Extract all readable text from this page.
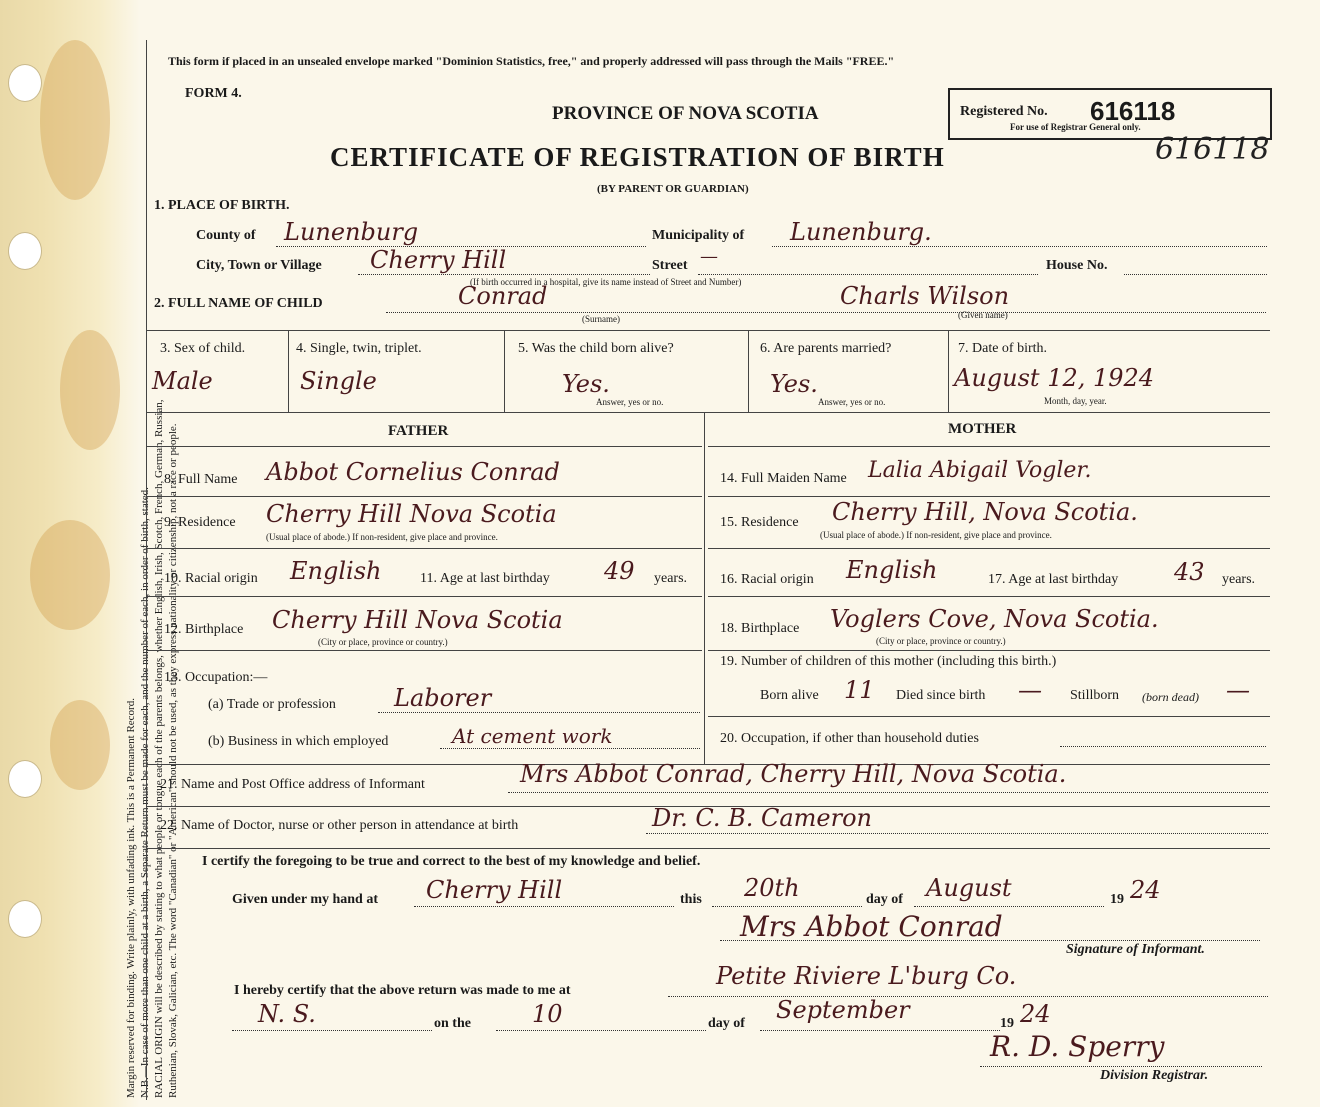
Margin reserved for binding. Write plainly, with unfading ink. This is a Permanent Record. N.B.—In case of more than one child at a birth, a Separate Return must be made for each, and the number of each, in order of birth, stated. RACIAL ORIGIN will be described by stating to what people or tongue each of the parents belongs, whether English, Irish, Scotch, French, German, Russian, Ruthenian, Slovak, Galician, etc. The word "Canadian" or "American" should not be used, as they express nationality or citizenship, not a race or people.
This form if placed in an unsealed envelope marked "Dominion Statistics, free," and properly addressed will pass through the Mails "FREE."
FORM 4.
PROVINCE OF NOVA SCOTIA
CERTIFICATE OF REGISTRATION OF BIRTH
(BY PARENT OR GUARDIAN)
Registered No. 616118
For use of Registrar General only.
616118
1. PLACE OF BIRTH.
County of Lunenburg	Municipality of Lunenburg.
City, Town or Village Cherry Hill	Street —	House No.
(If birth occurred in a hospital, give its name instead of Street and Number)
2. FULL NAME OF CHILD	Conrad	Charls Wilson
(Surname)	(Given name)
3. Sex of child.
Male
4. Single, twin, triplet.
Single
5. Was the child born alive?
Yes.
Answer, yes or no.
6. Are parents married?
Yes.
Answer, yes or no.
7. Date of birth.
August 12, 1924
Month, day, year.
FATHER	MOTHER
8. Full Name Abbot Cornelius Conrad
9. Residence Cherry Hill Nova Scotia
(Usual place of abode.) If non-resident, give place and province.
10. Racial origin English	11. Age at last birthday 49 years.
12. Birthplace Cherry Hill Nova Scotia
(City or place, province or country.)
13. Occupation:—
(a) Trade or profession Laborer
(b) Business in which employed	At cement work
14. Full Maiden Name Lalia Abigail Vogler.
15. Residence Cherry Hill, Nova Scotia.
(Usual place of abode.) If non-resident, give place and province.
16. Racial origin English	17. Age at last birthday 43 years.
18. Birthplace Voglers Cove, Nova Scotia.
(City or place, province or country.)
19. Number of children of this mother (including this birth.)
Born alive 11 Died since birth — Stillborn (born dead) —
20. Occupation, if other than household duties
21. Name and Post Office address of Informant	Mrs Abbot Conrad, Cherry Hill, Nova Scotia.
22. Name of Doctor, nurse or other person in attendance at birth	Dr. C. B. Cameron
I certify the foregoing to be true and correct to the best of my knowledge and belief.
Given under my hand at Cherry Hill	this 20th	day of August	19 24
Mrs Abbot Conrad
Signature of Informant.
I hereby certify that the above return was made to me at
Petite Riviere L'burg Co.
N. S.	on the	10	day of September	19 24
R. D. Sperry
Division Registrar.
